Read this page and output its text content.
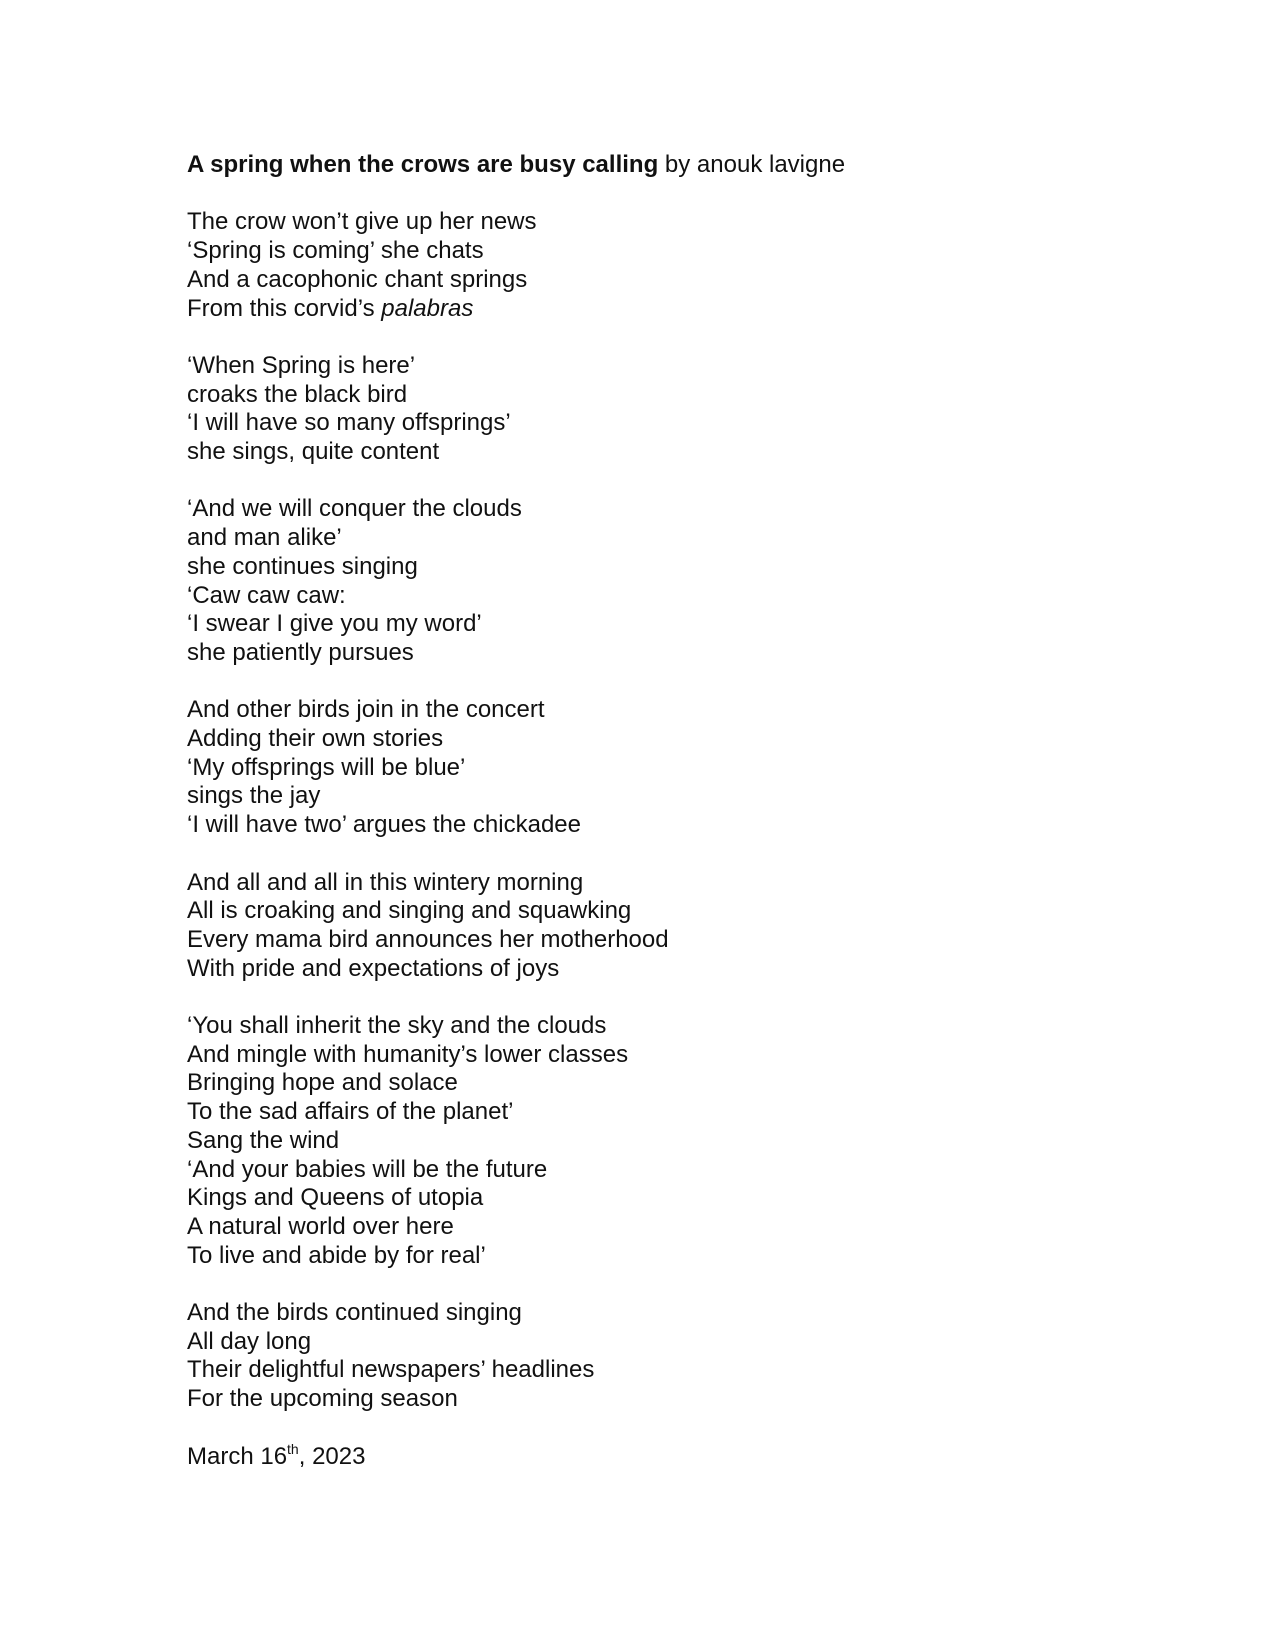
A spring when the crows are busy calling by anouk lavigne
The crow won’t give up her news
‘Spring is coming’ she chats
And a cacophonic chant springs
From this corvid’s palabras
‘When Spring is here’
croaks the black bird
‘I will have so many offsprings’
she sings, quite content
‘And we will conquer the clouds
and man alike’
she continues singing
‘Caw caw caw:
‘I swear I give you my word’
she patiently pursues
And other birds join in the concert
Adding their own stories
‘My offsprings will be blue’
sings the jay
‘I will have two’ argues the chickadee
And all and all in this wintery morning
All is croaking and singing and squawking
Every mama bird announces her motherhood
With pride and expectations of joys
‘You shall inherit the sky and the clouds
And mingle with humanity’s lower classes
Bringing hope and solace
To the sad affairs of the planet’
Sang the wind
‘And your babies will be the future
Kings and Queens of utopia
A natural world over here
To live and abide by for real’
And the birds continued singing
All day long
Their delightful newspapers’ headlines
For the upcoming season
March 16th, 2023
